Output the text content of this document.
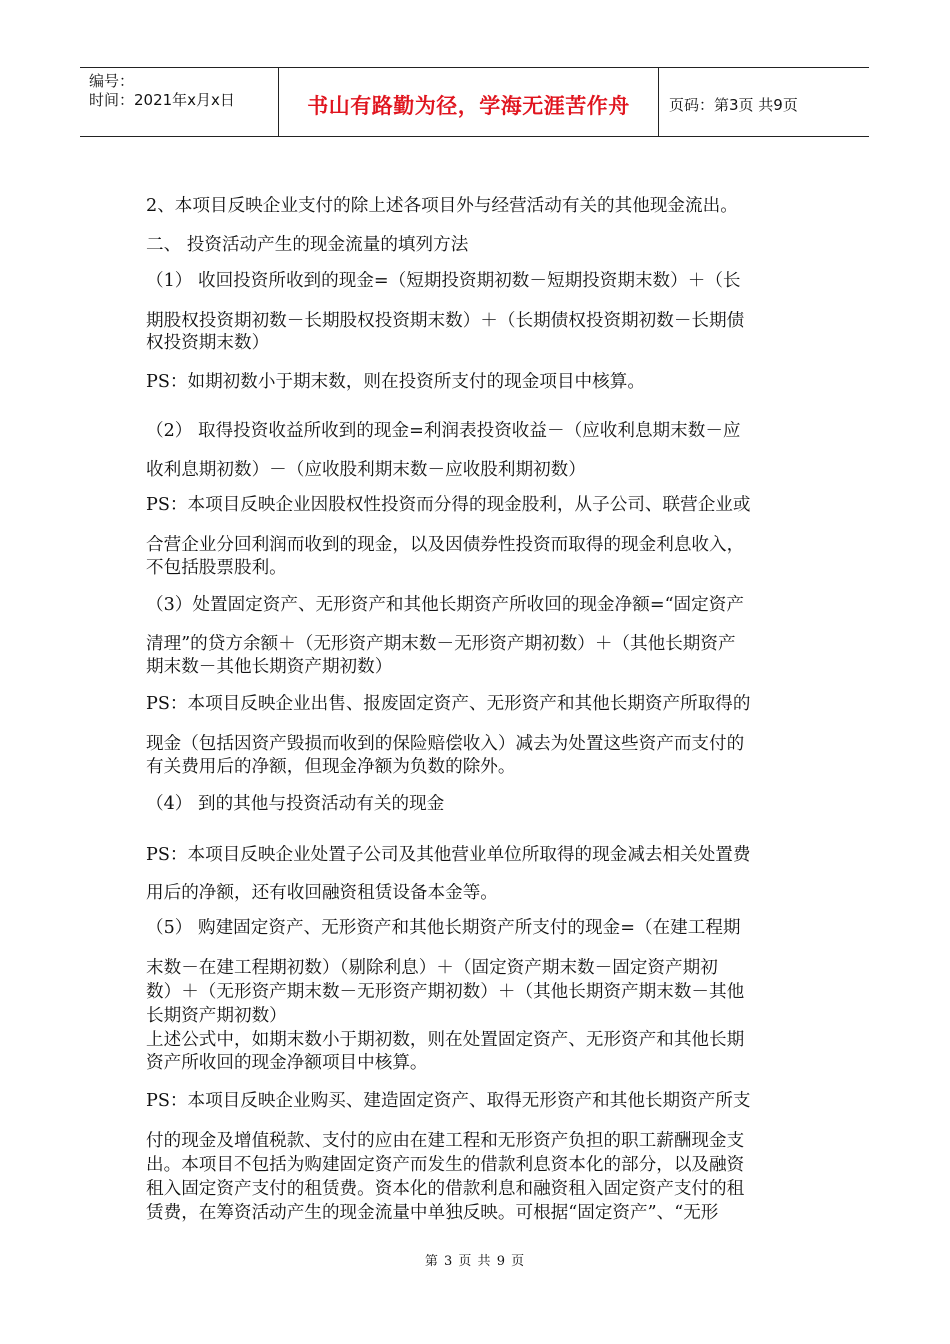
编号：
时间：2021年x月x日	书山有路勤为径，学海无涯苦作舟	页码：第3页 共9页
2、本项目反映企业支付的除上述各项目外与经营活动有关的其他现金流出。
二、 投资活动产生的现金流量的填列方法
（1） 收回投资所收到的现金=（短期投资期初数－短期投资期末数）＋（长
期股权投资期初数－长期股权投资期末数）＋（长期债权投资期初数－长期债
权投资期末数）
PS：如期初数小于期末数，则在投资所支付的现金项目中核算。
（2） 取得投资收益所收到的现金=利润表投资收益－（应收利息期末数－应
收利息期初数）－（应收股利期末数－应收股利期初数）
PS：本项目反映企业因股权性投资而分得的现金股利，从子公司、联营企业或
合营企业分回利润而收到的现金，以及因债券性投资而取得的现金利息收入，
不包括股票股利。
（3）处置固定资产、无形资产和其他长期资产所收回的现金净额=“固定资产
清理”的贷方余额＋（无形资产期末数－无形资产期初数）＋（其他长期资产
期末数－其他长期资产期初数）
PS：本项目反映企业出售、报废固定资产、无形资产和其他长期资产所取得的
现金（包括因资产毁损而收到的保险赔偿收入）减去为处置这些资产而支付的
有关费用后的净额，但现金净额为负数的除外。
（4） 到的其他与投资活动有关的现金
PS：本项目反映企业处置子公司及其他营业单位所取得的现金减去相关处置费
用后的净额，还有收回融资租赁设备本金等。
（5） 购建固定资产、无形资产和其他长期资产所支付的现金=（在建工程期
末数－在建工程期初数）（剔除利息）＋（固定资产期末数－固定资产期初
数）＋（无形资产期末数－无形资产期初数）＋（其他长期资产期末数－其他
长期资产期初数）
上述公式中，如期末数小于期初数，则在处置固定资产、无形资产和其他长期
资产所收回的现金净额项目中核算。
PS：本项目反映企业购买、建造固定资产、取得无形资产和其他长期资产所支
付的现金及增值税款、支付的应由在建工程和无形资产负担的职工薪酬现金支
出。本项目不包括为购建固定资产而发生的借款利息资本化的部分，以及融资
租入固定资产支付的租赁费。资本化的借款利息和融资租入固定资产支付的租
赁费，在筹资活动产生的现金流量中单独反映。可根据“固定资产”、“无形
第 3 页 共 9 页
